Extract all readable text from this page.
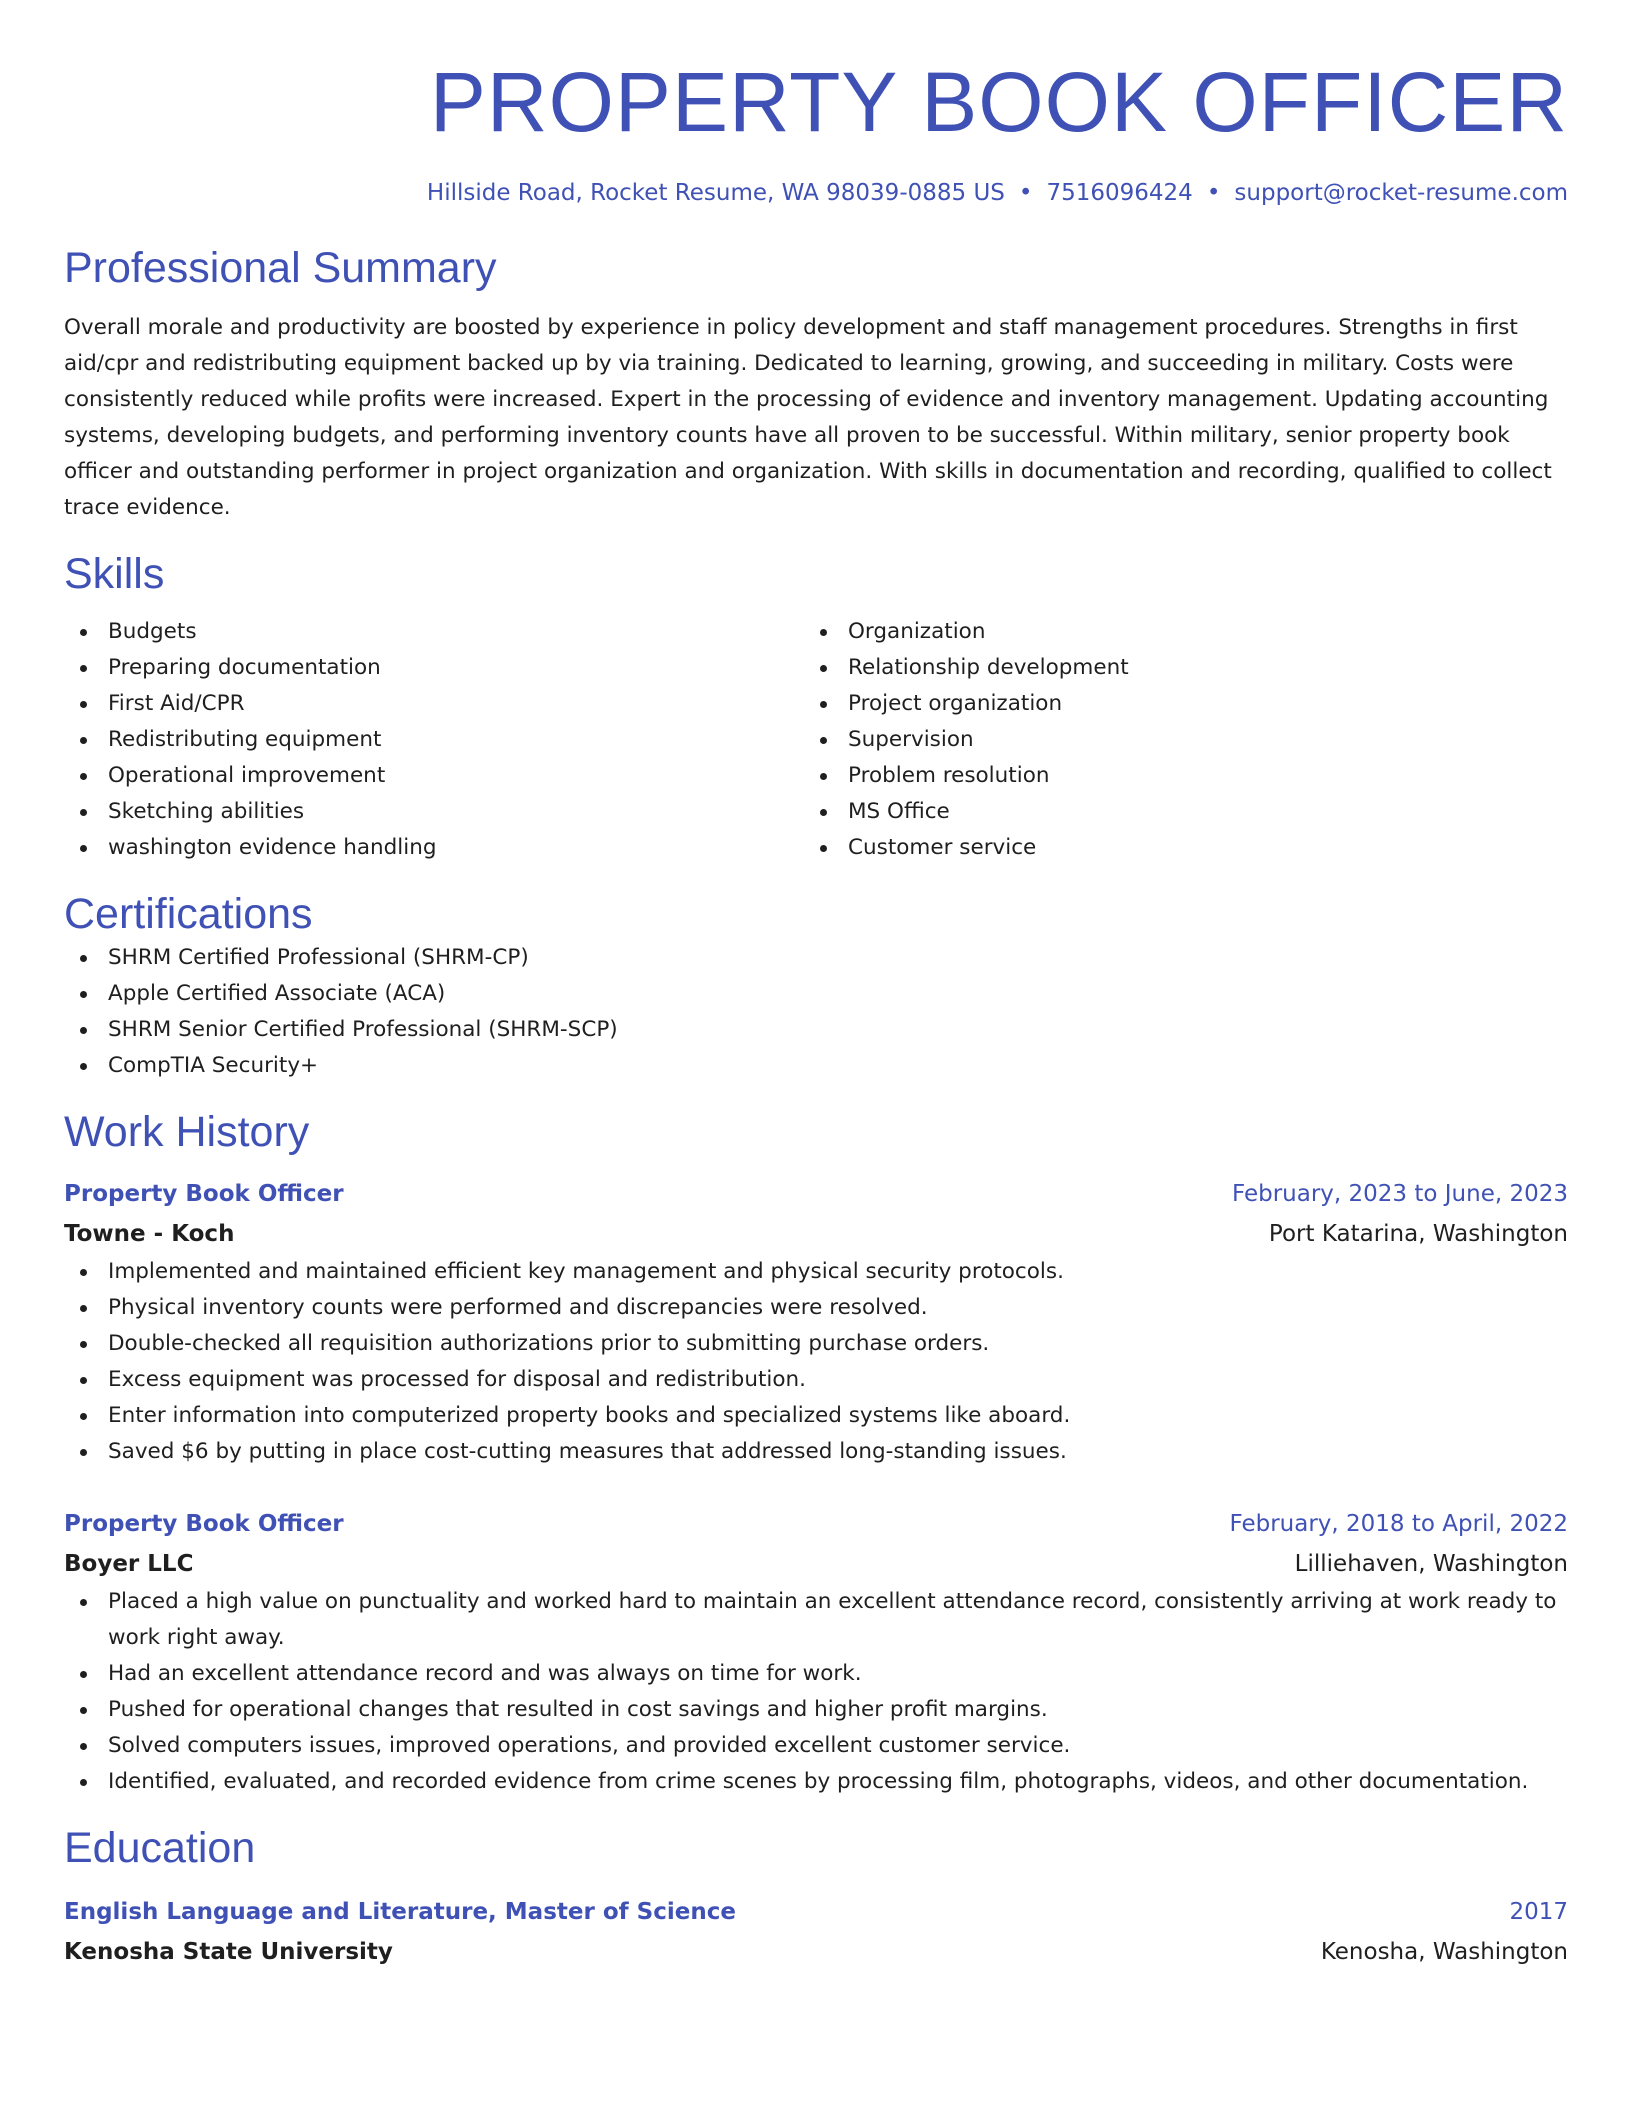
PROPERTY BOOK OFFICER
Hillside Road, Rocket Resume, WA 98039-0885 US • 7516096424 • support@rocket-resume.com
Professional Summary
Overall morale and productivity are boosted by experience in policy development and staff management procedures. Strengths in first aid/cpr and redistributing equipment backed up by via training. Dedicated to learning, growing, and succeeding in military. Costs were consistently reduced while profits were increased. Expert in the processing of evidence and inventory management. Updating accounting systems, developing budgets, and performing inventory counts have all proven to be successful. Within military, senior property book officer and outstanding performer in project organization and organization. With skills in documentation and recording, qualified to collect trace evidence.
Skills
Budgets
Preparing documentation
First Aid/CPR
Redistributing equipment
Operational improvement
Sketching abilities
washington evidence handling
Organization
Relationship development
Project organization
Supervision
Problem resolution
MS Office
Customer service
Certifications
SHRM Certified Professional (SHRM-CP)
Apple Certified Associate (ACA)
SHRM Senior Certified Professional (SHRM-SCP)
CompTIA Security+
Work History
Property Book Officer	February, 2023 to June, 2023
Towne - Koch	Port Katarina, Washington
Implemented and maintained efficient key management and physical security protocols.
Physical inventory counts were performed and discrepancies were resolved.
Double-checked all requisition authorizations prior to submitting purchase orders.
Excess equipment was processed for disposal and redistribution.
Enter information into computerized property books and specialized systems like aboard.
Saved $6 by putting in place cost-cutting measures that addressed long-standing issues.
Property Book Officer	February, 2018 to April, 2022
Boyer LLC	Lilliehaven, Washington
Placed a high value on punctuality and worked hard to maintain an excellent attendance record, consistently arriving at work ready to work right away.
Had an excellent attendance record and was always on time for work.
Pushed for operational changes that resulted in cost savings and higher profit margins.
Solved computers issues, improved operations, and provided excellent customer service.
Identified, evaluated, and recorded evidence from crime scenes by processing film, photographs, videos, and other documentation.
Education
English Language and Literature, Master of Science	2017
Kenosha State University	Kenosha, Washington
